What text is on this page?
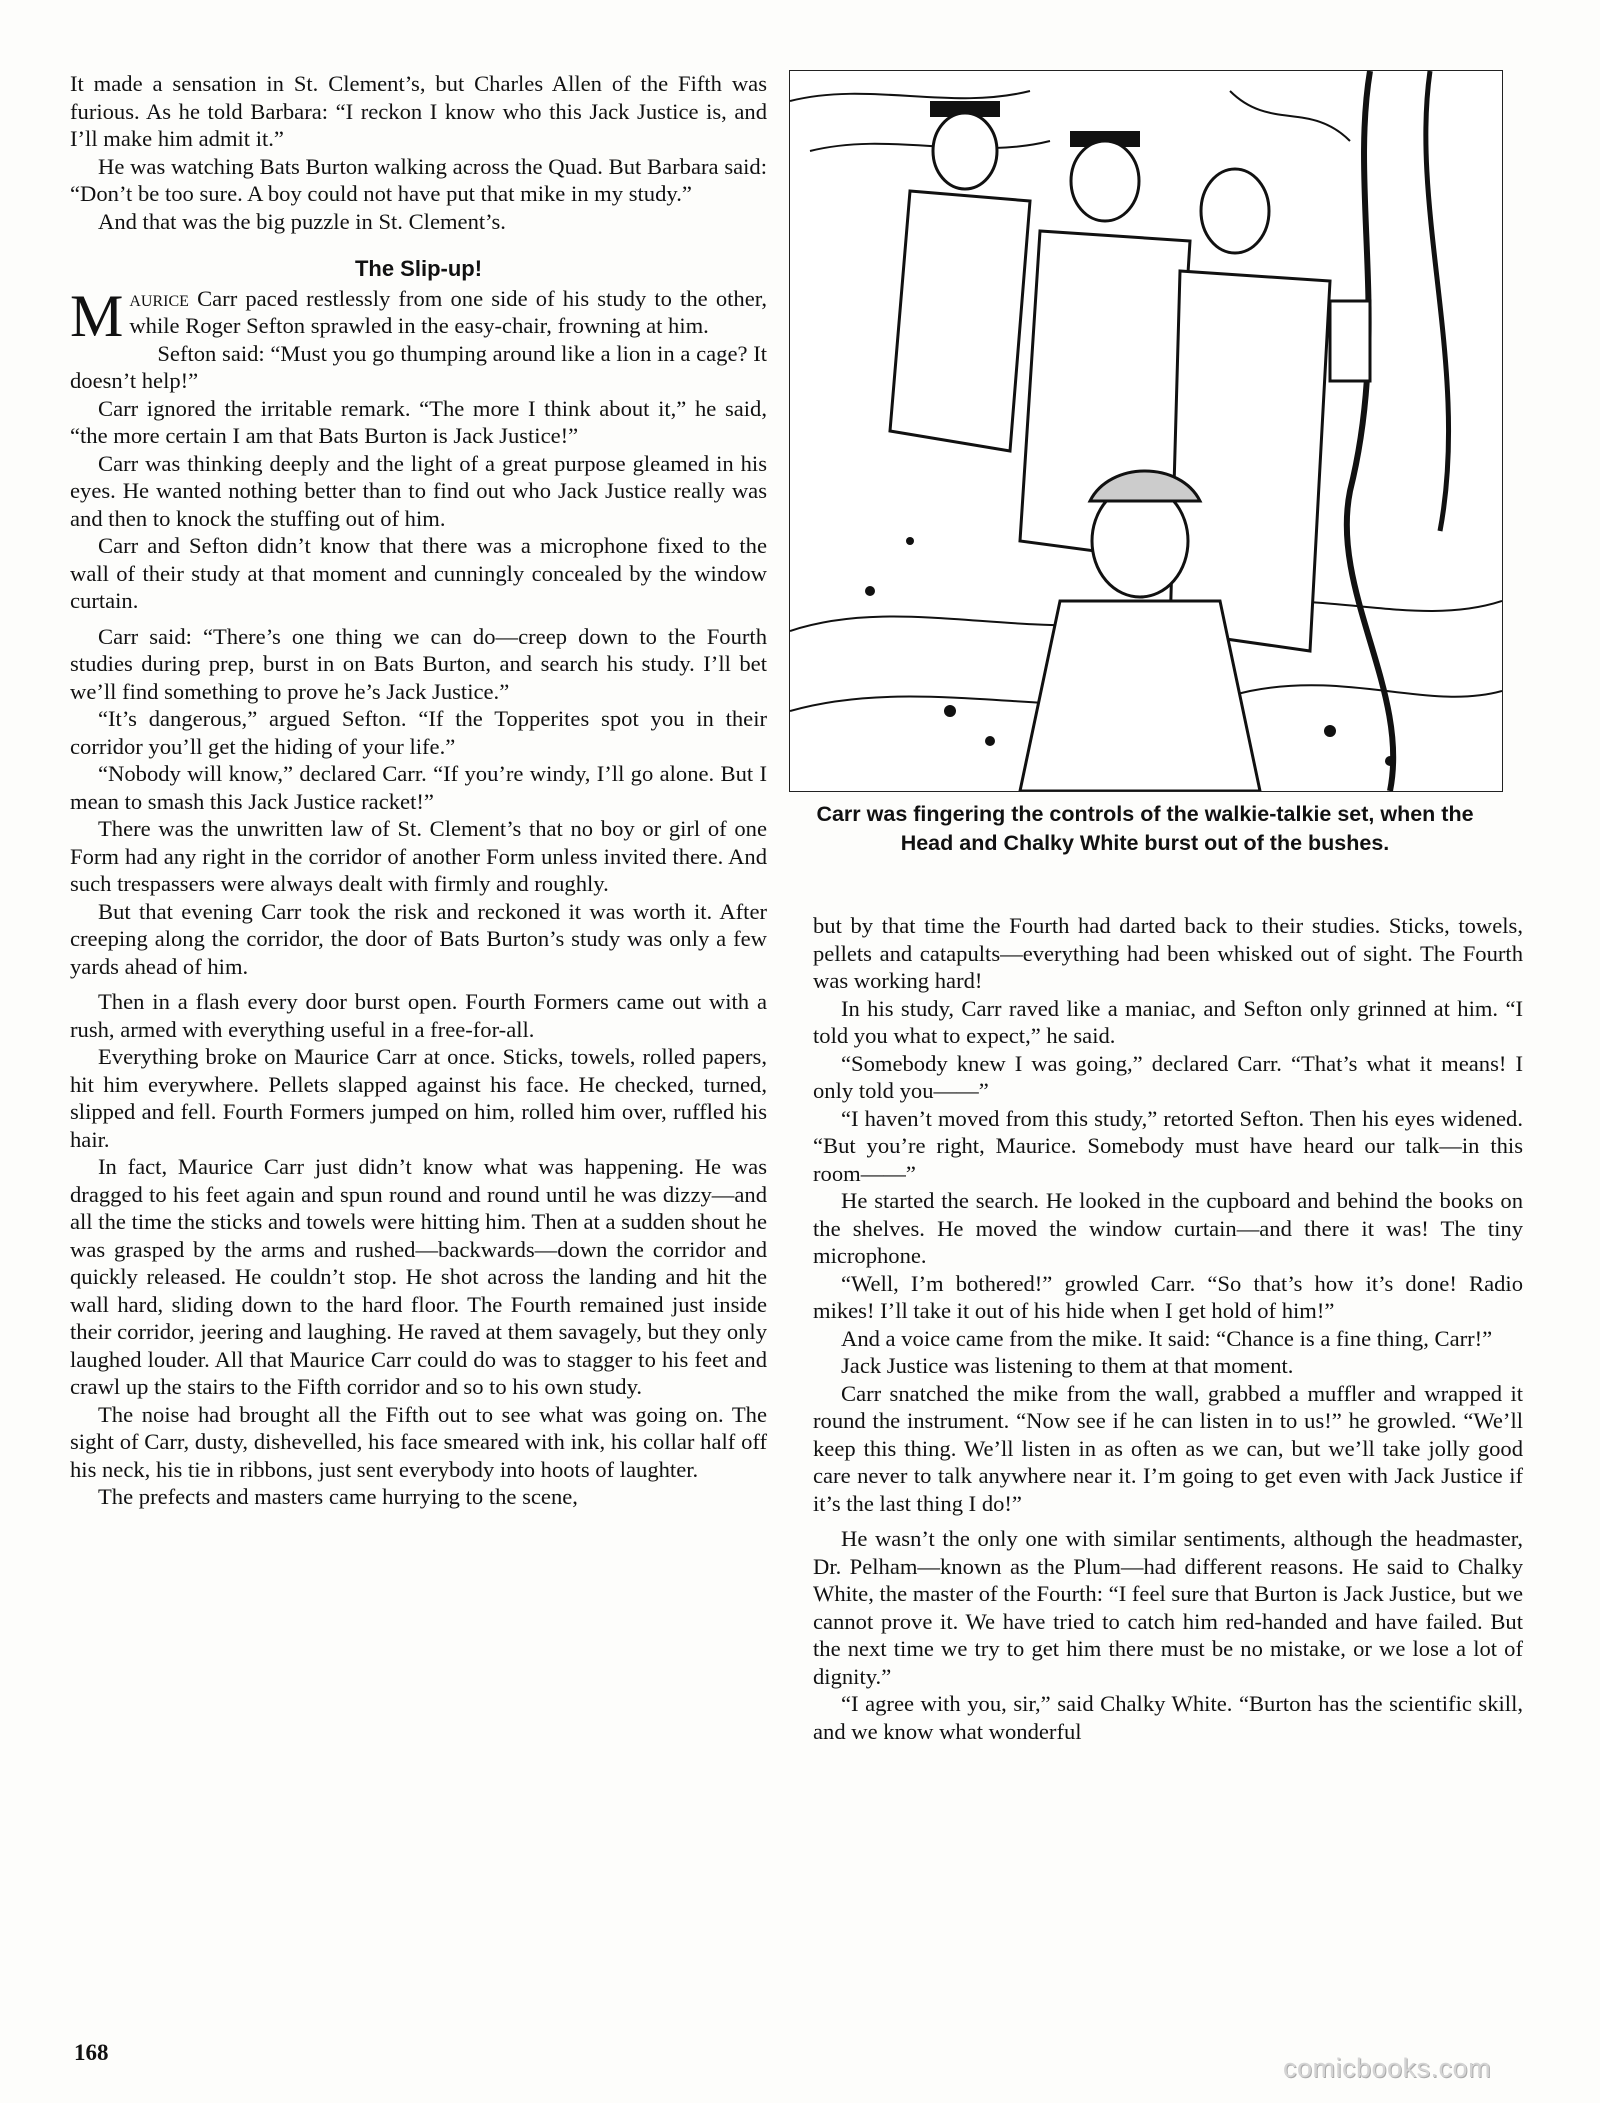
It made a sensation in St. Clement’s, but Charles Allen of the Fifth was furious. As he told Barbara: “I reckon I know who this Jack Justice is, and I’ll make him admit it.”

He was watching Bats Burton walking across the Quad. But Barbara said: “Don’t be too sure. A boy could not have put that mike in my study.”

And that was the big puzzle in St. Clement’s.

The Slip-up!

Maurice Carr paced restlessly from one side of his study to the other, while Roger Sefton sprawled in the easy-chair, frowning at him.

Sefton said: “Must you go thumping around like a lion in a cage? It doesn’t help!”

Carr ignored the irritable remark. “The more I think about it,” he said, “the more certain I am that Bats Burton is Jack Justice!”

Carr was thinking deeply and the light of a great purpose gleamed in his eyes. He wanted nothing better than to find out who Jack Justice really was and then to knock the stuffing out of him.

Carr and Sefton didn’t know that there was a microphone fixed to the wall of their study at that moment and cunningly concealed by the window curtain.

Carr said: “There’s one thing we can do—creep down to the Fourth studies during prep, burst in on Bats Burton, and search his study. I’ll bet we’ll find something to prove he’s Jack Justice.”

“It’s dangerous,” argued Sefton. “If the Topperites spot you in their corridor you’ll get the hiding of your life.”

“Nobody will know,” declared Carr. “If you’re windy, I’ll go alone. But I mean to smash this Jack Justice racket!”

There was the unwritten law of St. Clement’s that no boy or girl of one Form had any right in the corridor of another Form unless invited there. And such trespassers were always dealt with firmly and roughly.

But that evening Carr took the risk and reckoned it was worth it. After creeping along the corridor, the door of Bats Burton’s study was only a few yards ahead of him.

Then in a flash every door burst open. Fourth Formers came out with a rush, armed with everything useful in a free-for-all.

Everything broke on Maurice Carr at once. Sticks, towels, rolled papers, hit him everywhere. Pellets slapped against his face. He checked, turned, slipped and fell. Fourth Formers jumped on him, rolled him over, ruffled his hair.

In fact, Maurice Carr just didn’t know what was happening. He was dragged to his feet again and spun round and round until he was dizzy—and all the time the sticks and towels were hitting him. Then at a sudden shout he was grasped by the arms and rushed—backwards—down the corridor and quickly released. He couldn’t stop. He shot across the landing and hit the wall hard, sliding down to the hard floor. The Fourth remained just inside their corridor, jeering and laughing. He raved at them savagely, but they only laughed louder. All that Maurice Carr could do was to stagger to his feet and crawl up the stairs to the Fifth corridor and so to his own study.

The noise had brought all the Fifth out to see what was going on. The sight of Carr, dusty, dishevelled, his face smeared with ink, his collar half off his neck, his tie in ribbons, just sent everybody into hoots of laughter.

The prefects and masters came hurrying to the scene,

Carr was fingering the controls of the walkie-talkie set, when the Head and Chalky White burst out of the bushes.

but by that time the Fourth had darted back to their studies. Sticks, towels, pellets and catapults—everything had been whisked out of sight. The Fourth was working hard!

In his study, Carr raved like a maniac, and Sefton only grinned at him. “I told you what to expect,” he said.

“Somebody knew I was going,” declared Carr. “That’s what it means! I only told you——”

“I haven’t moved from this study,” retorted Sefton. Then his eyes widened. “But you’re right, Maurice. Somebody must have heard our talk—in this room——”

He started the search. He looked in the cupboard and behind the books on the shelves. He moved the window curtain—and there it was! The tiny microphone.

“Well, I’m bothered!” growled Carr. “So that’s how it’s done! Radio mikes! I’ll take it out of his hide when I get hold of him!”

And a voice came from the mike. It said: “Chance is a fine thing, Carr!”

Jack Justice was listening to them at that moment.

Carr snatched the mike from the wall, grabbed a muffler and wrapped it round the instrument. “Now see if he can listen in to us!” he growled. “We’ll keep this thing. We’ll listen in as often as we can, but we’ll take jolly good care never to talk anywhere near it. I’m going to get even with Jack Justice if it’s the last thing I do!”

He wasn’t the only one with similar sentiments, although the headmaster, Dr. Pelham—known as the Plum—had different reasons. He said to Chalky White, the master of the Fourth: “I feel sure that Burton is Jack Justice, but we cannot prove it. We have tried to catch him red-handed and have failed. But the next time we try to get him there must be no mistake, or we lose a lot of dignity.”

“I agree with you, sir,” said Chalky White. “Burton has the scientific skill, and we know what wonderful

168
comicbooks.com
